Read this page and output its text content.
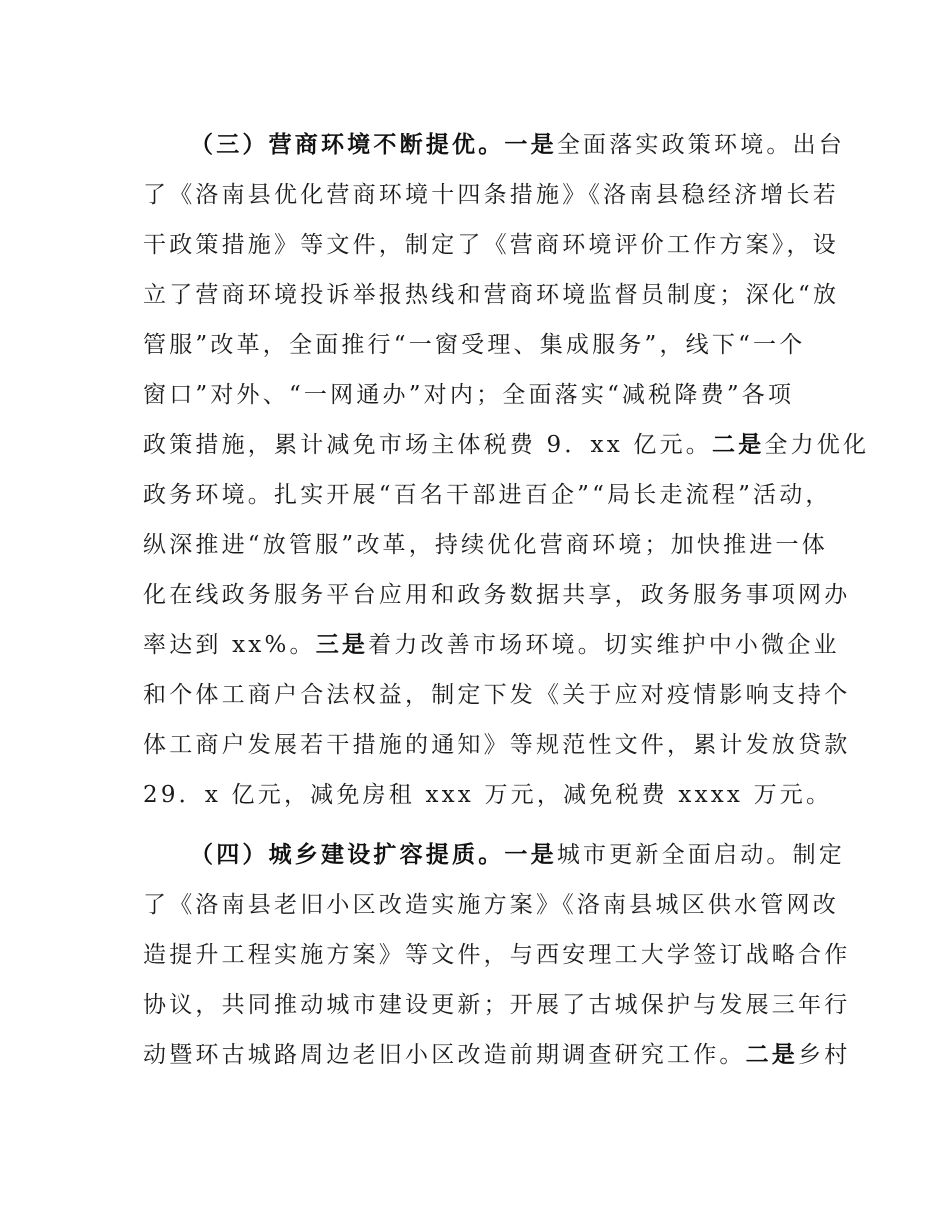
（三）营商环境不断提优。一是全面落实政策环境。出台
了《洛南县优化营商环境十四条措施》《洛南县稳经济增长若
干政策措施》等文件，制定了《营商环境评价工作方案》，设
立了营商环境投诉举报热线和营商环境监督员制度；深化“放
管服”改革，全面推行“一窗受理、集成服务”，线下“一个
窗口”对外、“一网通办”对内；全面落实“减税降费”各项
政策措施，累计减免市场主体税费 9．xx 亿元。二是全力优化
政务环境。扎实开展“百名干部进百企”“局长走流程”活动，
纵深推进“放管服”改革，持续优化营商环境；加快推进一体
化在线政务服务平台应用和政务数据共享，政务服务事项网办
率达到 xx%。三是着力改善市场环境。切实维护中小微企业
和个体工商户合法权益，制定下发《关于应对疫情影响支持个
体工商户发展若干措施的通知》等规范性文件，累计发放贷款
29．x 亿元，减免房租 xxx 万元，减免税费 xxxx 万元。
（四）城乡建设扩容提质。一是城市更新全面启动。制定
了《洛南县老旧小区改造实施方案》《洛南县城区供水管网改
造提升工程实施方案》等文件，与西安理工大学签订战略合作
协议，共同推动城市建设更新；开展了古城保护与发展三年行
动暨环古城路周边老旧小区改造前期调查研究工作。二是乡村
